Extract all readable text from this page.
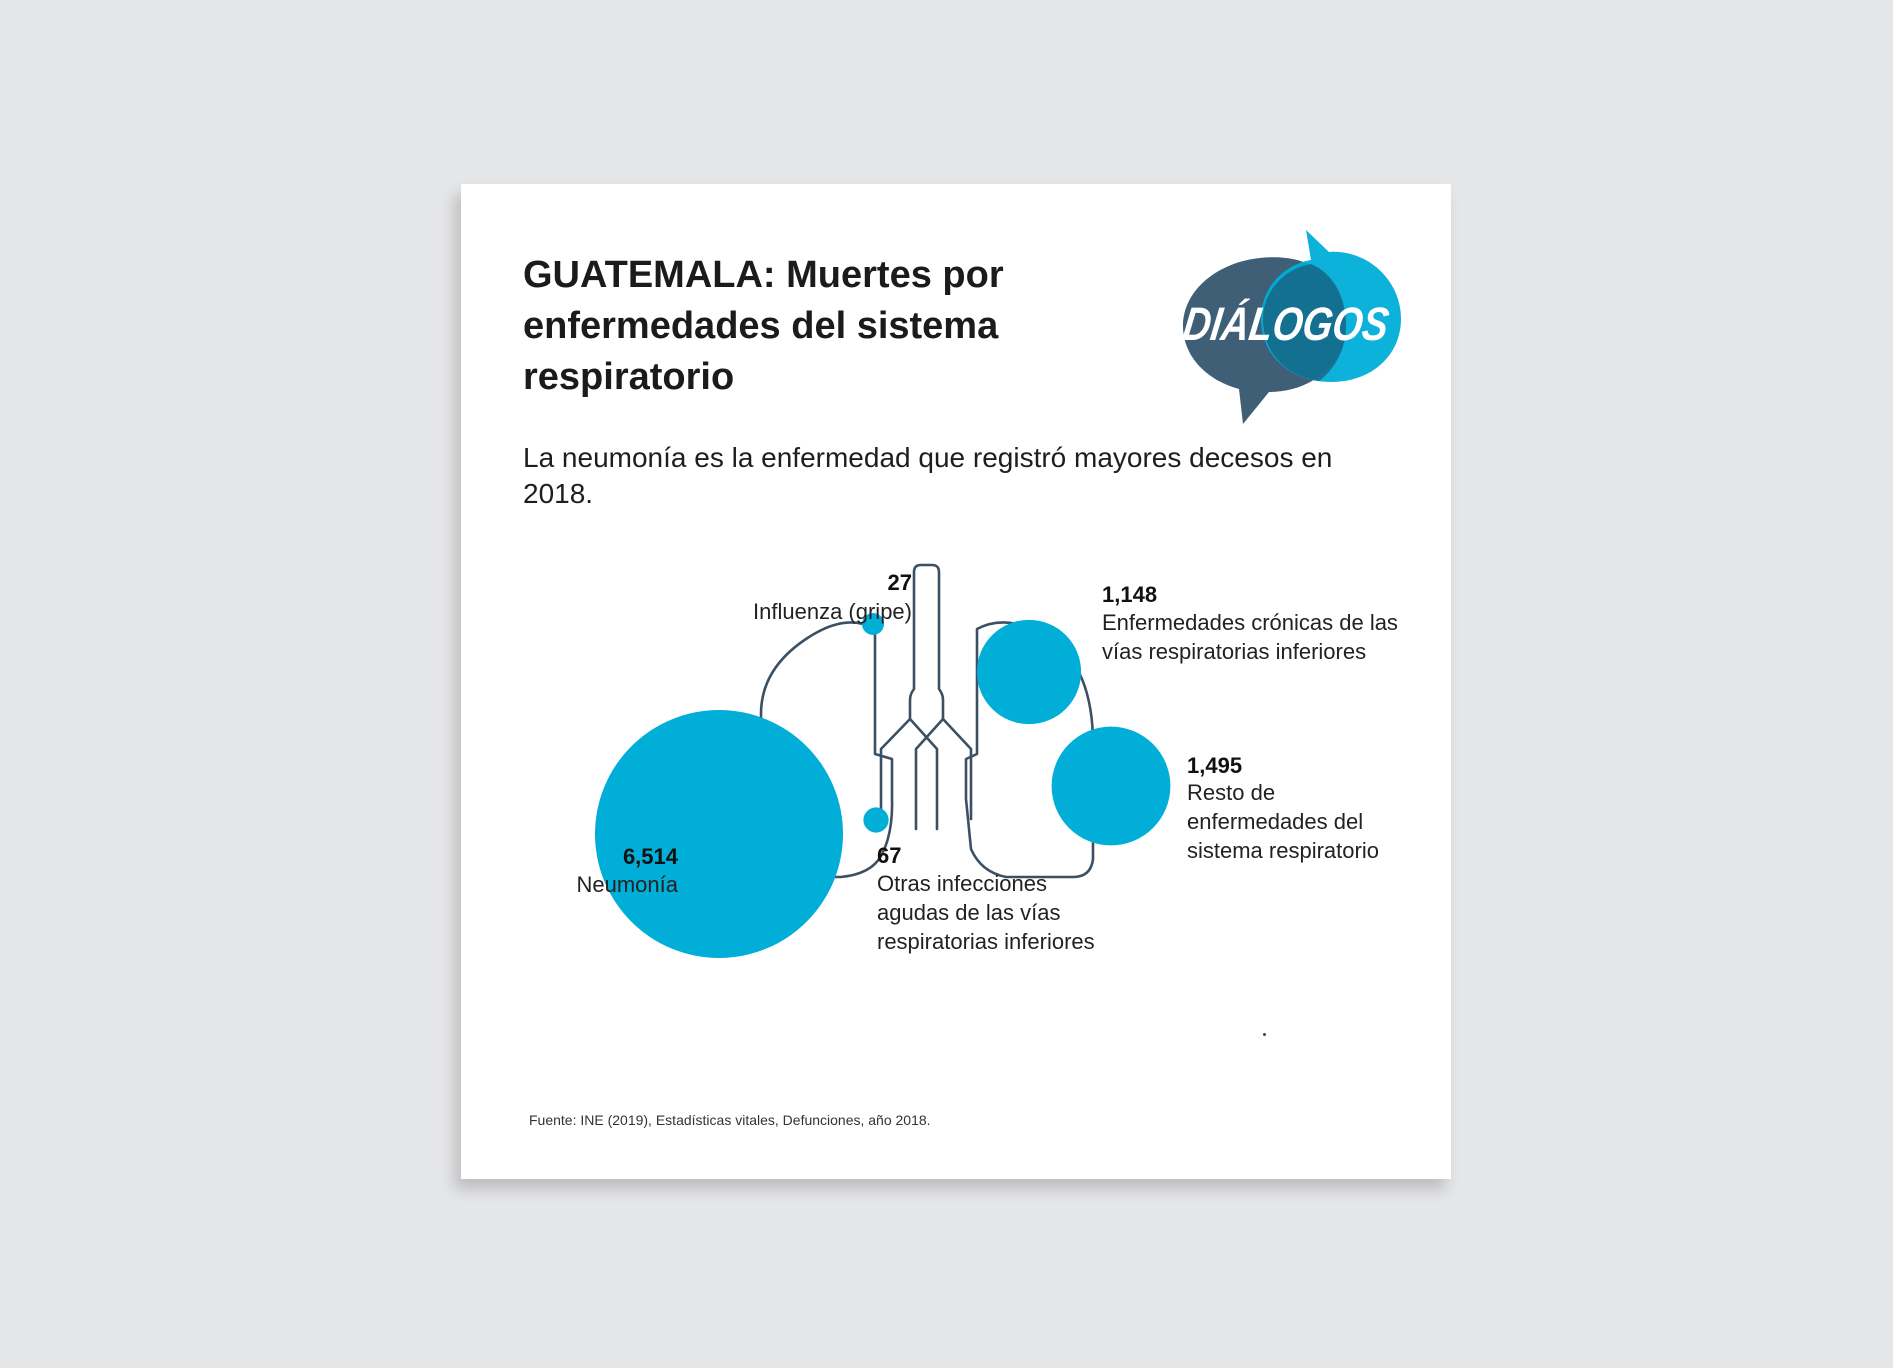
GUATEMALA: Muertes por enfermedades del sistema respiratorio
DIÁLOGOS

La neumonía es la enfermedad que registró mayores decesos en 2018.

27
Influenza (gripe)
1,148
Enfermedades crónicas de las vías respiratorias inferiores
1,495
Resto de enfermedades del sistema respiratorio
6,514
Neumonía
67
Otras infecciones agudas de las vías respiratorias inferiores
Fuente: INE (2019), Estadísticas vitales, Defunciones, año 2018.
